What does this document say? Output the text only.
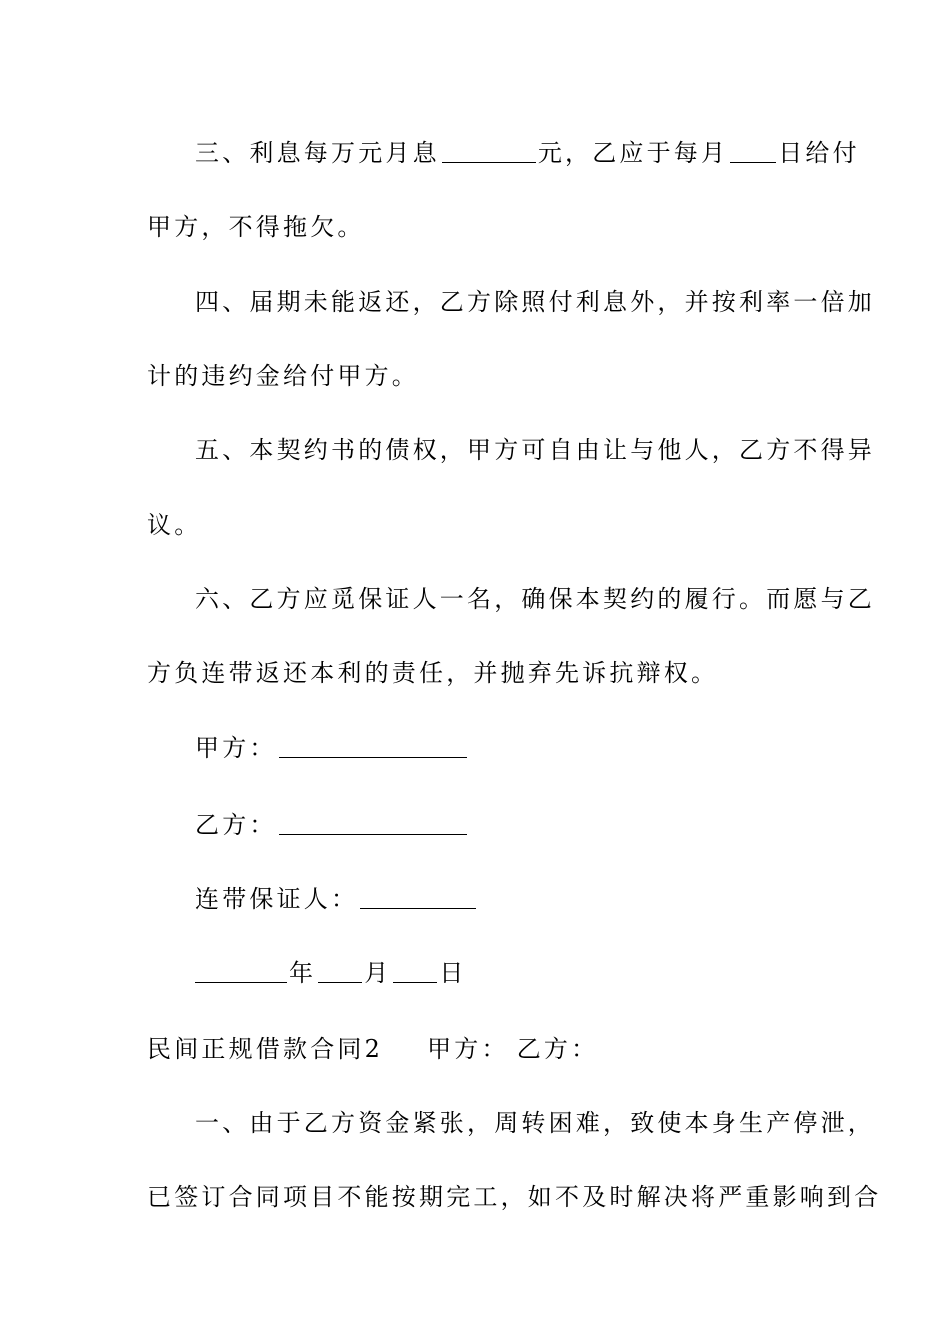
三、利息每万元月息	元，乙应于每月 日给付
甲方，不得拖欠。
四、届期未能返还，乙方除照付利息外，并按利率一倍加
计的违约金给付甲方。
五、本契约书的债权，甲方可自由让与他人，乙方不得异
议。
六、乙方应觅保证人一名，确保本契约的履行。而愿与乙
方负连带返还本利的责任，并抛弃先诉抗辩权。
甲方：
乙方：
连带保证人：
年 月 日
民间正规借款合同2 甲方： 乙方：
一、由于乙方资金紧张，周转困难，致使本身生产停泄，
已签订合同项目不能按期完工，如不及时解决将严重影响到合
